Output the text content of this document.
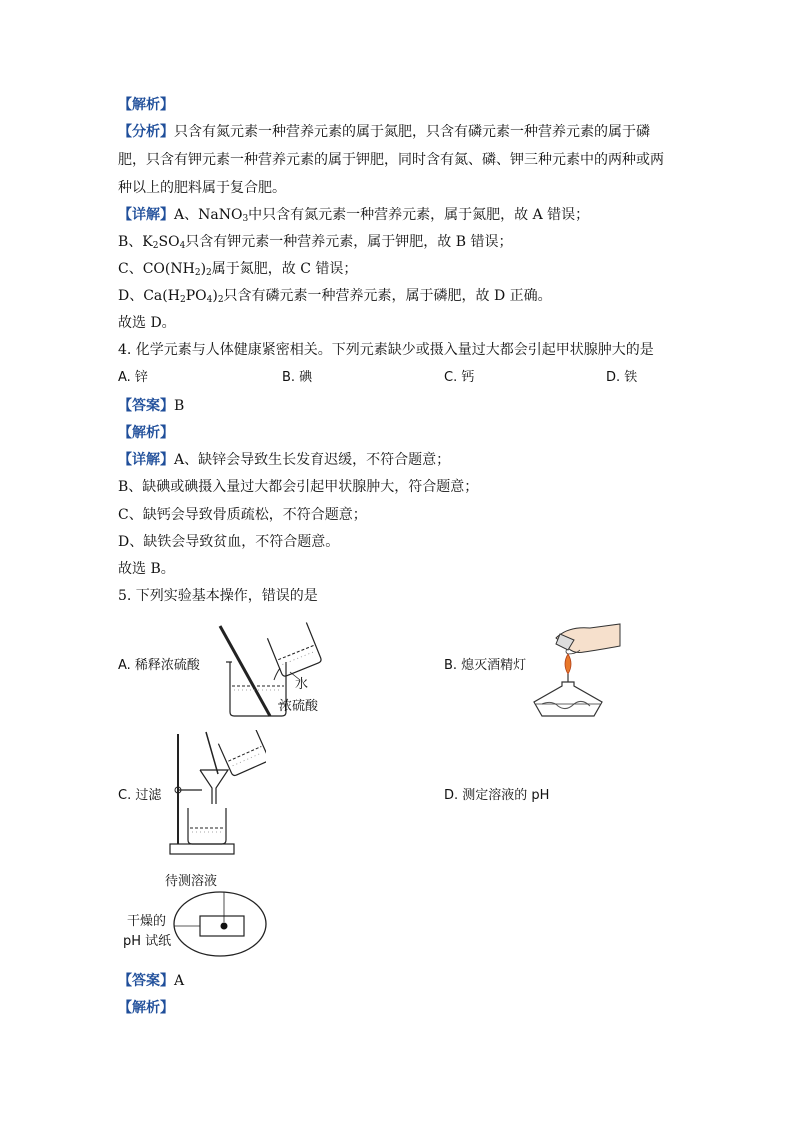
【解析】
【分析】只含有氮元素一种营养元素的属于氮肥，只含有磷元素一种营养元素的属于磷
肥，只含有钾元素一种营养元素的属于钾肥，同时含有氮、磷、钾三种元素中的两种或两
种以上的肥料属于复合肥。
【详解】A、NaNO$_3$中只含有氮元素一种营养元素，属于氮肥，故 A 错误；
B、$K_2SO_4$只含有钾元素一种营养元素，属于钾肥，故 B 错误；
C、$CO(NH_2)_2$属于氮肥，故 C 错误；
D、$Ca(H_2PO_4)_2$只含有磷元素一种营养元素，属于磷肥，故 D 正确。
故选 D。
4. 化学元素与人体健康紧密相关。下列元素缺少或摄入量过大都会引起甲状腺肿大的是
A. 锌	B. 碘	C. 钙	D. 铁
【答案】B
【解析】
【详解】A、缺锌会导致生长发育迟缓，不符合题意；
B、缺碘或碘摄入量过大都会引起甲状腺肿大，符合题意；
C、缺钙会导致骨质疏松，不符合题意；
D、缺铁会导致贫血，不符合题意。
故选 B。
5. 下列实验基本操作，错误的是
A. 稀释浓硫酸
水
浓硫酸
B. 熄灭酒精灯
C. 过滤	D. 测定溶液的 pH
待测溶液
干燥的
pH 试纸
【答案】A
【解析】
